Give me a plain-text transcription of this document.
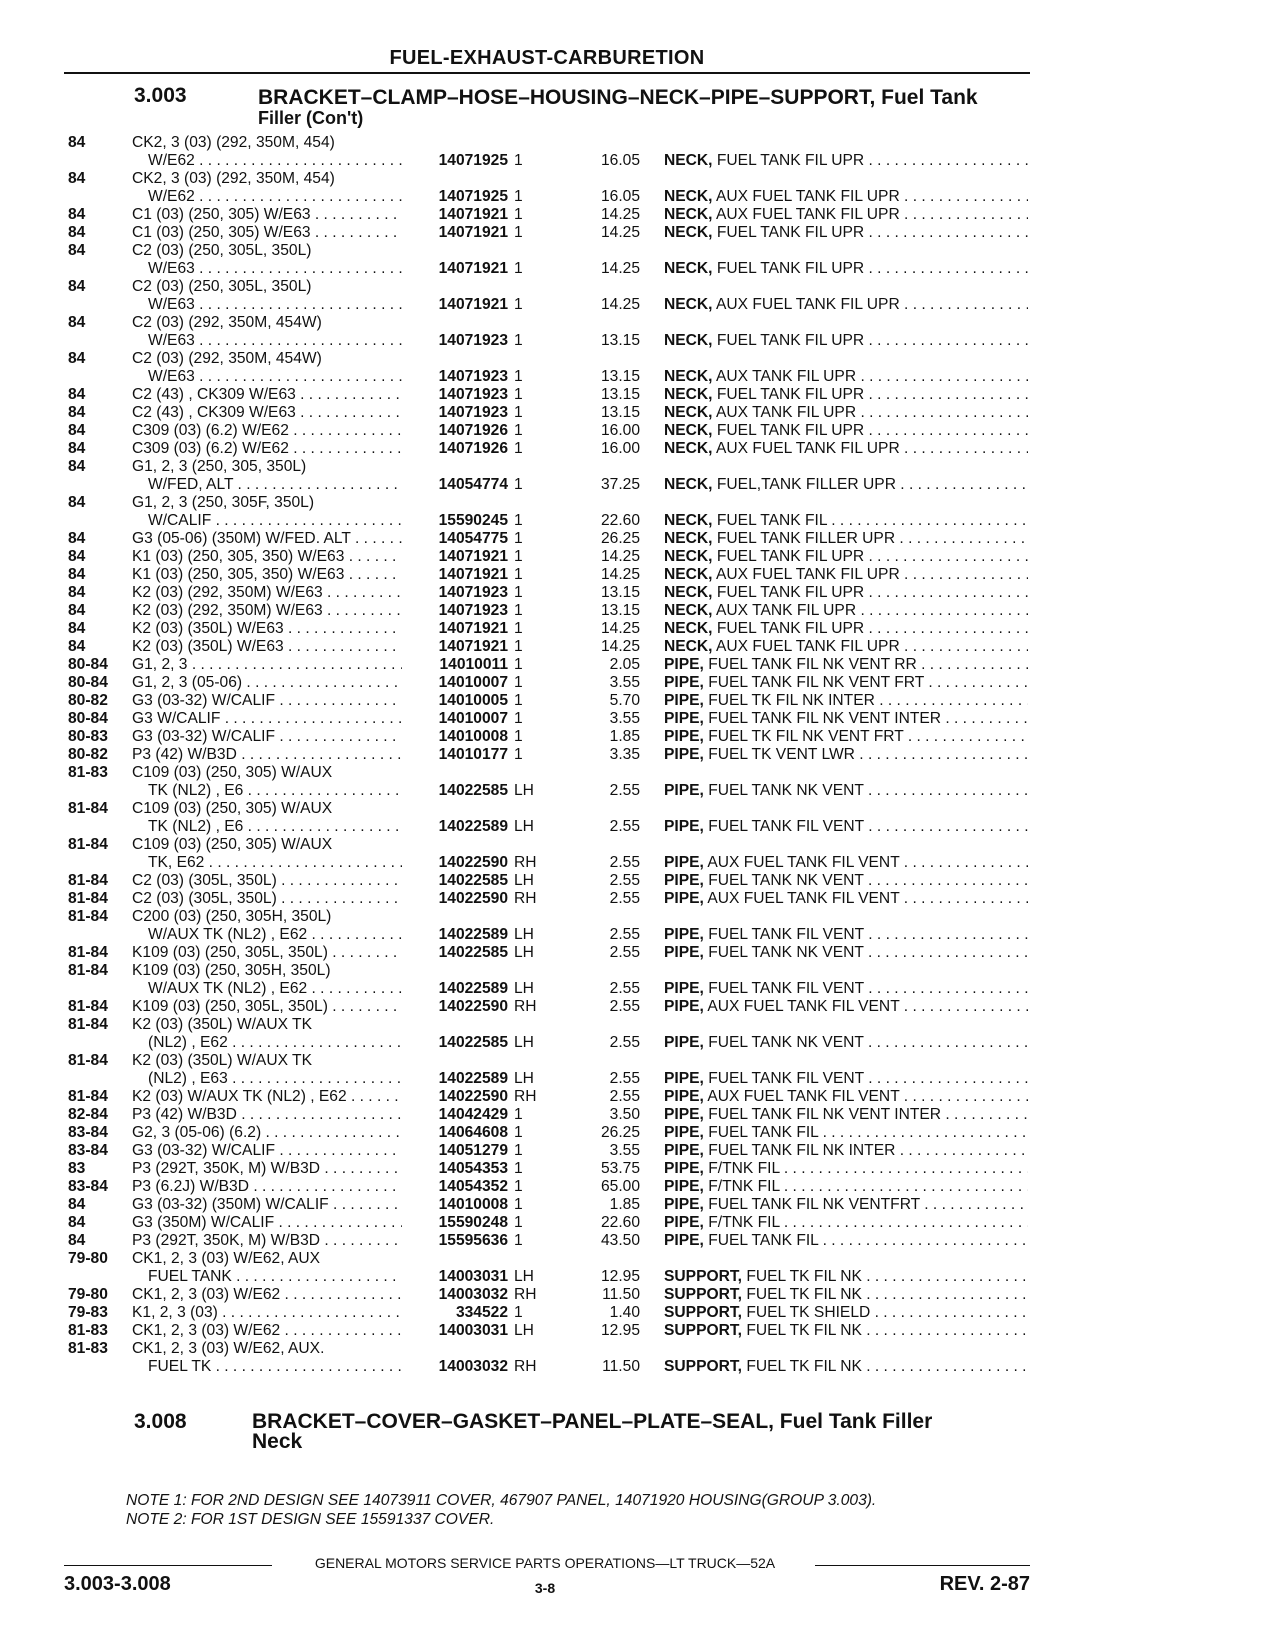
FUEL-EXHAUST-CARBURETION
3.003	BRACKET–CLAMP–HOSE–HOUSING–NECK–PIPE–SUPPORT, Fuel Tank
Filler (Con't)
84	CK2, 3 (03) (292, 350M, 454)
W/E62 . . .	14071925 1	16.05 NECK, FUEL TANK FIL UPR . . .
84	CK2, 3 (03) (292, 350M, 454)
W/E62 . . .	14071925 1	16.05 NECK, AUX FUEL TANK FIL UPR . . .
84	C1 (03) (250, 305) W/E63 . . .	14071921 1	14.25 NECK, AUX FUEL TANK FIL UPR . . .
84	C1 (03) (250, 305) W/E63 . . .	14071921 1	14.25 NECK, FUEL TANK FIL UPR . . .
84	C2 (03) (250, 305L, 350L)
W/E63 . . .	14071921 1	14.25 NECK, FUEL TANK FIL UPR . . .
84	C2 (03) (250, 305L, 350L)
W/E63 . . .	14071921 1	14.25 NECK, AUX FUEL TANK FIL UPR . . .
84	C2 (03) (292, 350M, 454W)
W/E63 . . .	14071923 1	13.15 NECK, FUEL TANK FIL UPR . . .
84	C2 (03) (292, 350M, 454W)
W/E63 . . .	14071923 1	13.15 NECK, AUX TANK FIL UPR . . .
84	C2 (43) , CK309 W/E63 . . .	14071923 1	13.15 NECK, FUEL TANK FIL UPR . . .
84	C2 (43) , CK309 W/E63 . . .	14071923 1	13.15 NECK, AUX TANK FIL UPR . . .
84	C309 (03) (6.2) W/E62 . . .	14071926 1	16.00 NECK, FUEL TANK FIL UPR . . .
84	C309 (03) (6.2) W/E62 . . .	14071926 1	16.00 NECK, AUX FUEL TANK FIL UPR . . .
84	G1, 2, 3 (250, 305, 350L)
W/FED, ALT . . .	14054774 1	37.25 NECK, FUEL,TANK FILLER UPR . . .
84	G1, 2, 3 (250, 305F, 350L)
W/CALIF . . .	15590245 1	22.60 NECK, FUEL TANK FIL . . .
84	G3 (05-06) (350M) W/FED. ALT . . .	14054775 1	26.25 NECK, FUEL TANK FILLER UPR . . .
84	K1 (03) (250, 305, 350) W/E63 . . .	14071921 1	14.25 NECK, FUEL TANK FIL UPR . . .
84	K1 (03) (250, 305, 350) W/E63 . . .	14071921 1	14.25 NECK, AUX FUEL TANK FIL UPR . . .
84	K2 (03) (292, 350M) W/E63 . . .	14071923 1	13.15 NECK, FUEL TANK FIL UPR . . .
84	K2 (03) (292, 350M) W/E63 . . .	14071923 1	13.15 NECK, AUX TANK FIL UPR . . .
84	K2 (03) (350L) W/E63 . . .	14071921 1	14.25 NECK, FUEL TANK FIL UPR . . .
84	K2 (03) (350L) W/E63 . . .	14071921 1	14.25 NECK, AUX FUEL TANK FIL UPR . . .
80-84 G1, 2, 3 . . .	14010011 1	2.05 PIPE, FUEL TANK FIL NK VENT RR . . .
80-84 G1, 2, 3 (05-06) . . .	14010007 1	3.55 PIPE, FUEL TANK FIL NK VENT FRT . . .
80-82 G3 (03-32) W/CALIF . . .	14010005 1	5.70 PIPE, FUEL TK FIL NK INTER . . .
80-84 G3 W/CALIF . . .	14010007 1	3.55 PIPE, FUEL TANK FIL NK VENT INTER . . .
80-83 G3 (03-32) W/CALIF . . .	14010008 1	1.85 PIPE, FUEL TK FIL NK VENT FRT . . .
80-82 P3 (42) W/B3D . . .	14010177 1	3.35 PIPE, FUEL TK VENT LWR . . .
81-83 C109 (03) (250, 305) W/AUX
TK (NL2) , E6 . . .	14022585 LH	2.55 PIPE, FUEL TANK NK VENT . . .
81-84 C109 (03) (250, 305) W/AUX
TK (NL2) , E6 . . .	14022589 LH	2.55 PIPE, FUEL TANK FIL VENT . . .
81-84 C109 (03) (250, 305) W/AUX
TK, E62 . . .	14022590 RH	2.55 PIPE, AUX FUEL TANK FIL VENT . . .
81-84 C2 (03) (305L, 350L) . . .	14022585 LH	2.55 PIPE, FUEL TANK NK VENT . . .
81-84 C2 (03) (305L, 350L) . . .	14022590 RH	2.55 PIPE, AUX FUEL TANK FIL VENT . . .
81-84 C200 (03) (250, 305H, 350L)
W/AUX TK (NL2) , E62 . . .	14022589 LH	2.55 PIPE, FUEL TANK FIL VENT . . .
81-84 K109 (03) (250, 305L, 350L) . . .	14022585 LH	2.55 PIPE, FUEL TANK NK VENT . . .
81-84 K109 (03) (250, 305H, 350L)
W/AUX TK (NL2) , E62 . . .	14022589 LH	2.55 PIPE, FUEL TANK FIL VENT . . .
81-84 K109 (03) (250, 305L, 350L) . . .	14022590 RH	2.55 PIPE, AUX FUEL TANK FIL VENT . . .
81-84 K2 (03) (350L) W/AUX TK
(NL2) , E62 . . .	14022585 LH	2.55 PIPE, FUEL TANK NK VENT . . .
81-84 K2 (03) (350L) W/AUX TK
(NL2) , E63 . . .	14022589 LH	2.55 PIPE, FUEL TANK FIL VENT . . .
81-84 K2 (03) W/AUX TK (NL2) , E62 . . .	14022590 RH	2.55 PIPE, AUX FUEL TANK FIL VENT . . .
82-84 P3 (42) W/B3D . . .	14042429 1	3.50 PIPE, FUEL TANK FIL NK VENT INTER . . .
83-84 G2, 3 (05-06) (6.2) . . .	14064608 1	26.25 PIPE, FUEL TANK FIL . . .
83-84 G3 (03-32) W/CALIF . . .	14051279 1	3.55 PIPE, FUEL TANK FIL NK INTER . . .
83	P3 (292T, 350K, M) W/B3D . . .	14054353 1	53.75 PIPE, F/TNK FIL . . .
83-84 P3 (6.2J) W/B3D . . .	14054352 1	65.00 PIPE, F/TNK FIL . . .
84	G3 (03-32) (350M) W/CALIF . . .	14010008 1	1.85 PIPE, FUEL TANK FIL NK VENTFRT . . .
84	G3 (350M) W/CALIF . . .	15590248 1	22.60 PIPE, F/TNK FIL . . .
84	P3 (292T, 350K, M) W/B3D . . .	15595636 1	43.50 PIPE, FUEL TANK FIL . . .
79-80 CK1, 2, 3 (03) W/E62, AUX
FUEL TANK . . .	14003031 LH	12.95 SUPPORT, FUEL TK FIL NK . . .
79-80 CK1, 2, 3 (03) W/E62 . . .	14003032 RH	11.50 SUPPORT, FUEL TK FIL NK . . .
79-83 K1, 2, 3 (03) . . .	334522 1	1.40 SUPPORT, FUEL TK SHIELD . . .
81-83 CK1, 2, 3 (03) W/E62 . . .	14003031 LH	12.95 SUPPORT, FUEL TK FIL NK . . .
81-83 CK1, 2, 3 (03) W/E62, AUX.
FUEL TK . . .	14003032 RH	11.50 SUPPORT, FUEL TK FIL NK . . .
3.008	BRACKET–COVER–GASKET–PANEL–PLATE–SEAL, Fuel Tank Filler
Neck
NOTE 1: FOR 2ND DESIGN SEE 14073911 COVER, 467907 PANEL, 14071920 HOUSING(GROUP 3.003).
NOTE 2: FOR 1ST DESIGN SEE 15591337 COVER.
GENERAL MOTORS SERVICE PARTS OPERATIONS—LT TRUCK—52A
3.003-3.008	3-8	REV. 2-87
